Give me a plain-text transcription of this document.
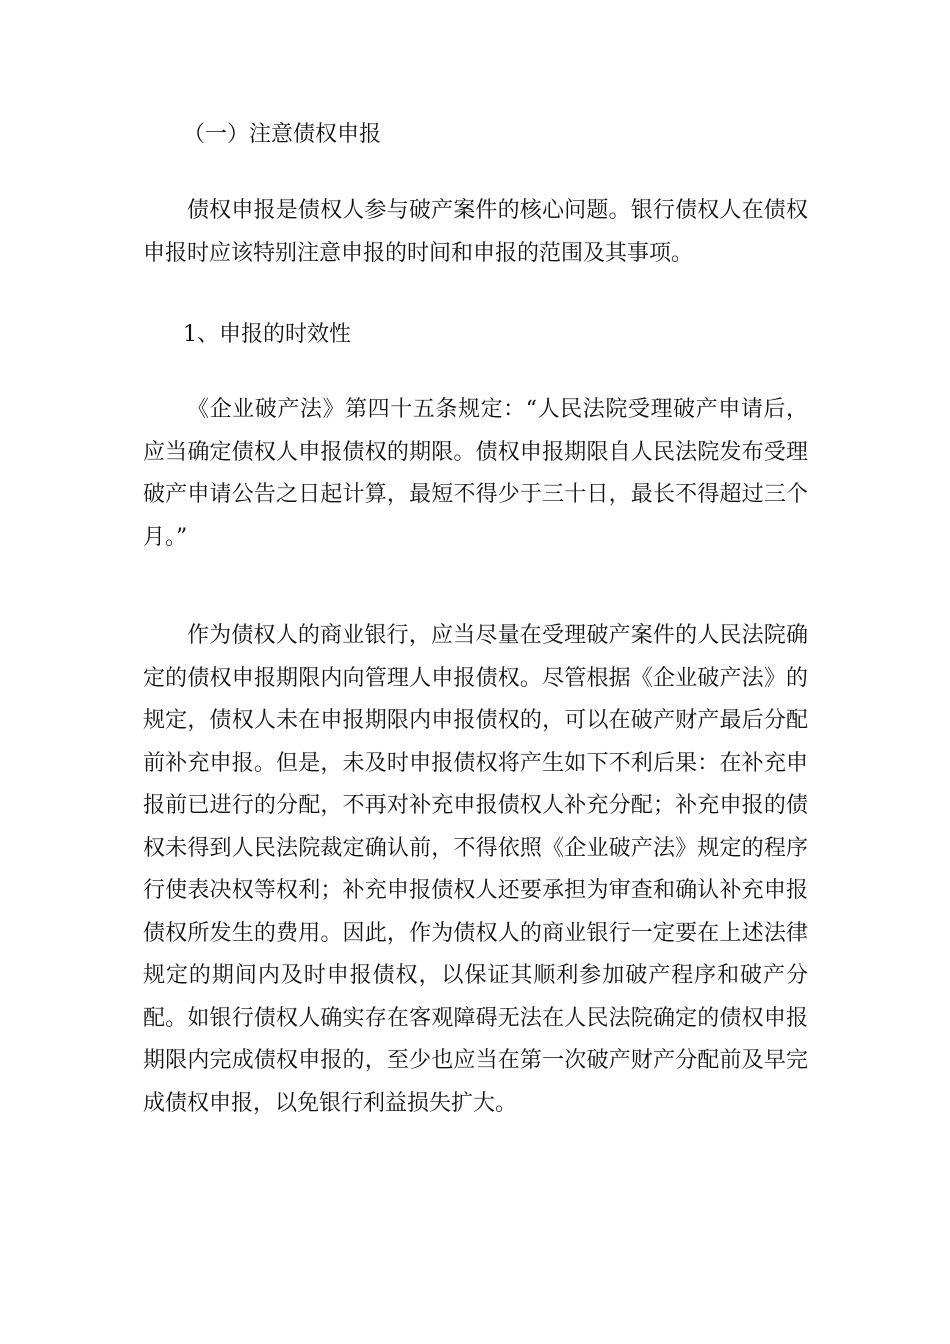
（一）注意债权申报

债权申报是债权人参与破产案件的核心问题。银行债权人在债权申报时应该特别注意申报的时间和申报的范围及其事项。

1、申报的时效性

《企业破产法》第四十五条规定：“人民法院受理破产申请后，应当确定债权人申报债权的期限。债权申报期限自人民法院发布受理破产申请公告之日起计算，最短不得少于三十日，最长不得超过三个月。”

作为债权人的商业银行，应当尽量在受理破产案件的人民法院确定的债权申报期限内向管理人申报债权。尽管根据《企业破产法》的规定，债权人未在申报期限内申报债权的，可以在破产财产最后分配前补充申报。但是，未及时申报债权将产生如下不利后果：在补充申报前已进行的分配，不再对补充申报债权人补充分配；补充申报的债权未得到人民法院裁定确认前，不得依照《企业破产法》规定的程序行使表决权等权利；补充申报债权人还要承担为审查和确认补充申报债权所发生的费用。因此，作为债权人的商业银行一定要在上述法律规定的期间内及时申报债权，以保证其顺利参加破产程序和破产分配。如银行债权人确实存在客观障碍无法在人民法院确定的债权申报期限内完成债权申报的，至少也应当在第一次破产财产分配前及早完成债权申报，以免银行利益损失扩大。
